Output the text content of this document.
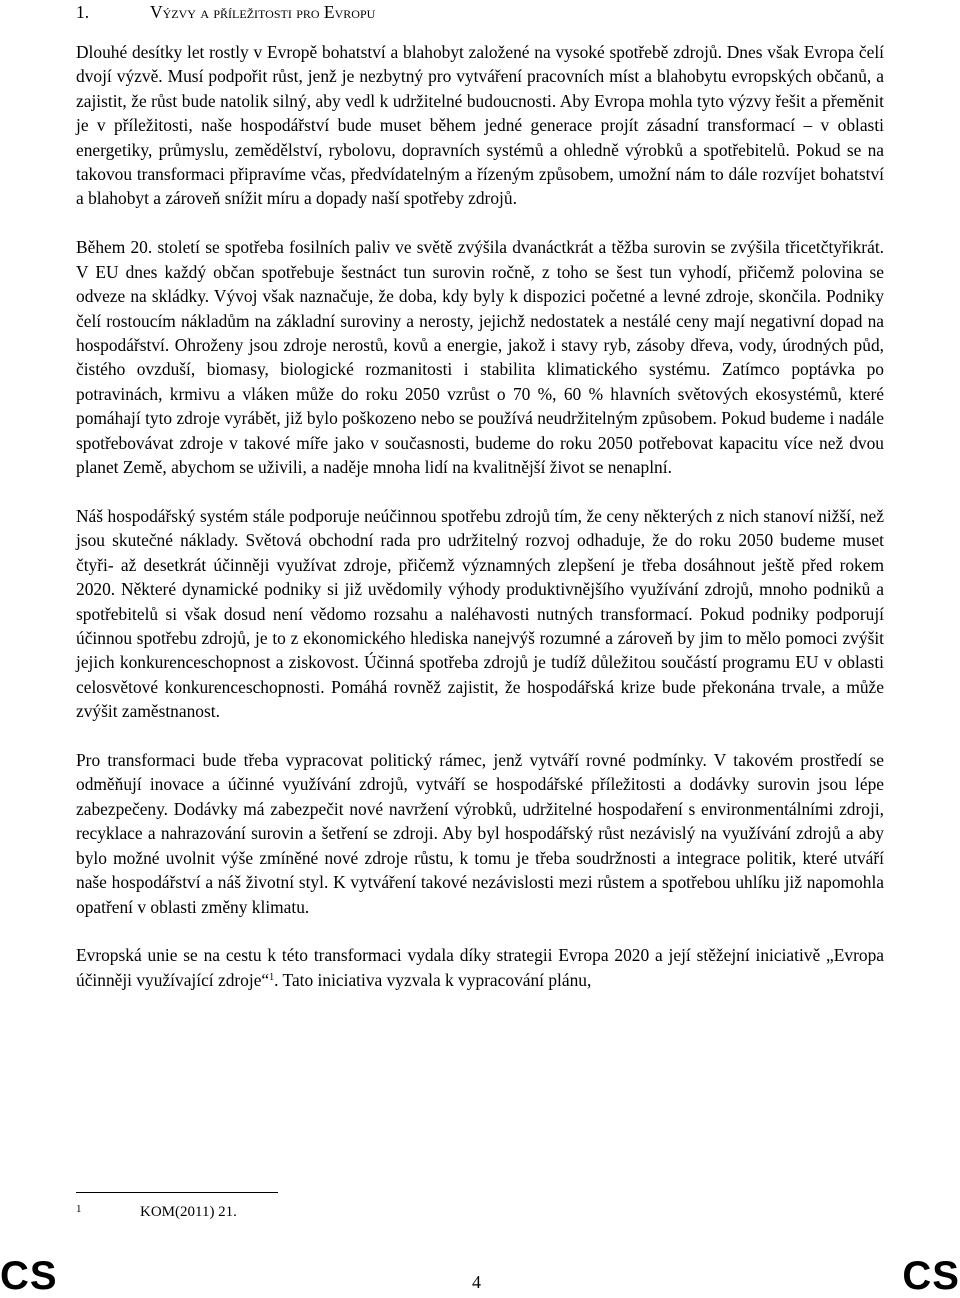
1.	Výzvy a příležitosti pro Evropu

Dlouhé desítky let rostly v Evropě bohatství a blahobyt založené na vysoké spotřebě zdrojů. Dnes však Evropa čelí dvojí výzvě. Musí podpořit růst, jenž je nezbytný pro vytváření pracovních míst a blahobytu evropských občanů, a zajistit, že růst bude natolik silný, aby vedl k udržitelné budoucnosti. Aby Evropa mohla tyto výzvy řešit a přeměnit je v příležitosti, naše hospodářství bude muset během jedné generace projít zásadní transformací – v oblasti energetiky, průmyslu, zemědělství, rybolovu, dopravních systémů a ohledně výrobků a spotřebitelů. Pokud se na takovou transformaci připravíme včas, předvídatelným a řízeným způsobem, umožní nám to dále rozvíjet bohatství a blahobyt a zároveň snížit míru a dopady naší spotřeby zdrojů.

Během 20. století se spotřeba fosilních paliv ve světě zvýšila dvanáctkrát a těžba surovin se zvýšila třicetčtyřikrát. V EU dnes každý občan spotřebuje šestnáct tun surovin ročně, z toho se šest tun vyhodí, přičemž polovina se odveze na skládky. Vývoj však naznačuje, že doba, kdy byly k dispozici početné a levné zdroje, skončila. Podniky čelí rostoucím nákladům na základní suroviny a nerosty, jejichž nedostatek a nestálé ceny mají negativní dopad na hospodářství. Ohroženy jsou zdroje nerostů, kovů a energie, jakož i stavy ryb, zásoby dřeva, vody, úrodných půd, čistého ovzduší, biomasy, biologické rozmanitosti i stabilita klimatického systému. Zatímco poptávka po potravinách, krmivu a vláken může do roku 2050 vzrůst o 70 %, 60 % hlavních světových ekosystémů, které pomáhají tyto zdroje vyrábět, již bylo poškozeno nebo se používá neudržitelným způsobem. Pokud budeme i nadále spotřebovávat zdroje v takové míře jako v současnosti, budeme do roku 2050 potřebovat kapacitu více než dvou planet Země, abychom se uživili, a naděje mnoha lidí na kvalitnější život se nenaplní.

Náš hospodářský systém stále podporuje neúčinnou spotřebu zdrojů tím, že ceny některých z nich stanoví nižší, než jsou skutečné náklady. Světová obchodní rada pro udržitelný rozvoj odhaduje, že do roku 2050 budeme muset čtyři- až desetkrát účinněji využívat zdroje, přičemž významných zlepšení je třeba dosáhnout ještě před rokem 2020. Některé dynamické podniky si již uvědomily výhody produktivnějšího využívání zdrojů, mnoho podniků a spotřebitelů si však dosud není vědomo rozsahu a naléhavosti nutných transformací. Pokud podniky podporují účinnou spotřebu zdrojů, je to z ekonomického hlediska nanejvýš rozumné a zároveň by jim to mělo pomoci zvýšit jejich konkurenceschopnost a ziskovost. Účinná spotřeba zdrojů je tudíž důležitou součástí programu EU v oblasti celosvětové konkurenceschopnosti. Pomáhá rovněž zajistit, že hospodářská krize bude překonána trvale, a může zvýšit zaměstnanost.

Pro transformaci bude třeba vypracovat politický rámec, jenž vytváří rovné podmínky. V takovém prostředí se odměňují inovace a účinné využívání zdrojů, vytváří se hospodářské příležitosti a dodávky surovin jsou lépe zabezpečeny. Dodávky má zabezpečit nové navržení výrobků, udržitelné hospodaření s environmentálními zdroji, recyklace a nahrazování surovin a šetření se zdroji. Aby byl hospodářský růst nezávislý na využívání zdrojů a aby bylo možné uvolnit výše zmíněné nové zdroje růstu, k tomu je třeba soudržnosti a integrace politik, které utváří naše hospodářství a náš životní styl. K vytváření takové nezávislosti mezi růstem a spotřebou uhlíku již napomohla opatření v oblasti změny klimatu.

Evropská unie se na cestu k této transformaci vydala díky strategii Evropa 2020 a její stěžejní iniciativě „Evropa účinněji využívající zdroje“$^1$. Tato iniciativa vyzvala k vypracování plánu,

1	KOM(2011) 21.
CS	4	CS
